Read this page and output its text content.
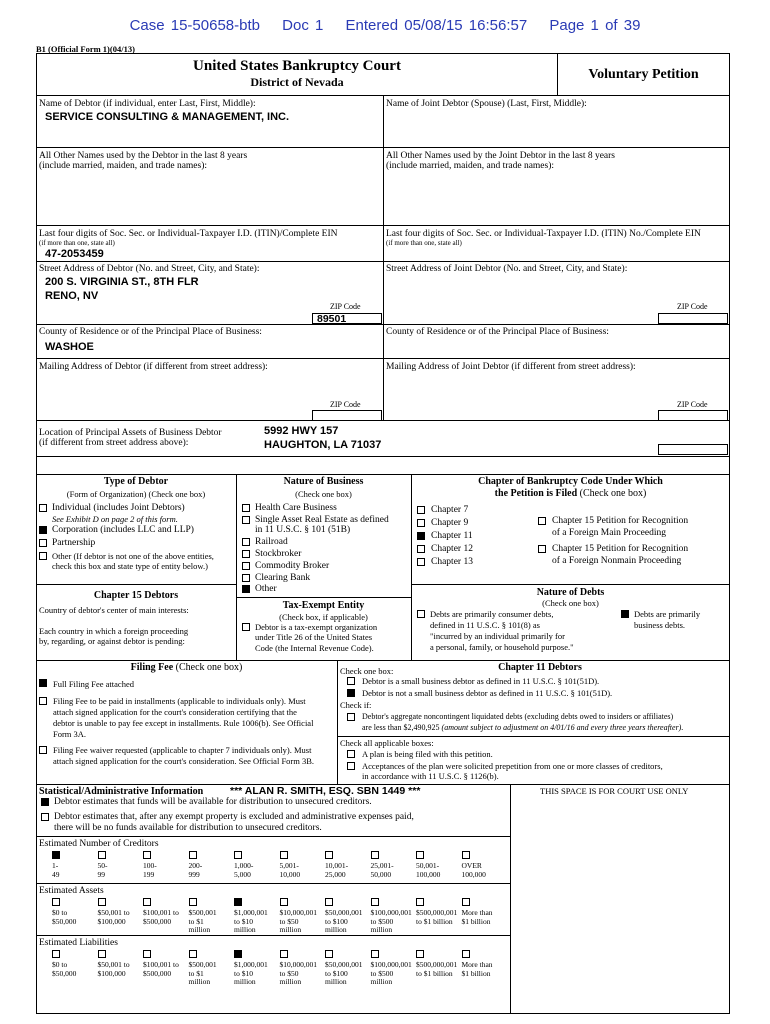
Case 15-50658-btb Doc 1 Entered 05/08/15 16:56:57 Page 1 of 39
B1 (Official Form 1)(04/13)
United States Bankruptcy Court
District of Nevada	Voluntary Petition
Name of Debtor (if individual, enter Last, First, Middle):
SERVICE CONSULTING & MANAGEMENT, INC.
Name of Joint Debtor (Spouse) (Last, First, Middle):
All Other Names used by the Debtor in the last 8 years
(include married, maiden, and trade names):
All Other Names used by the Joint Debtor in the last 8 years
(include married, maiden, and trade names):
Last four digits of Soc. Sec. or Individual-Taxpayer I.D. (ITIN)/Complete EIN
(if more than one, state all)
47-2053459
Last four digits of Soc. Sec. or Individual-Taxpayer I.D. (ITIN) No./Complete EIN
(if more than one, state all)
Street Address of Debtor (No. and Street, City, and State):
200 S. VIRGINIA ST., 8TH FLR
RENO, NV
Street Address of Joint Debtor (No. and Street, City, and State):
ZIP Code
89501
ZIP Code
County of Residence or of the Principal Place of Business:
WASHOE
County of Residence or of the Principal Place of Business:
Mailing Address of Debtor (if different from street address):	Mailing Address of Joint Debtor (if different from street address):
ZIP Code	ZIP Code
Location of Principal Assets of Business Debtor
(if different from street address above):
5992 HWY 157
HAUGHTON, LA 71037
Type of Debtor
(Form of Organization) (Check one box)
Individual (includes Joint Debtors)
See Exhibit D on page 2 of this form.
Corporation (includes LLC and LLP)
Partnership
Other (If debtor is not one of the above entities,
check this box and state type of entity below.)
Chapter 15 Debtors
Country of debtor's center of main interests:
Each country in which a foreign proceeding
by, regarding, or against debtor is pending:
Nature of Business
(Check one box)
Health Care Business
Single Asset Real Estate as defined
in 11 U.S.C. § 101 (51B)
Railroad
Stockbroker
Commodity Broker
Clearing Bank
Other
Tax-Exempt Entity
(Check box, if applicable)
Debtor is a tax-exempt organization
under Title 26 of the United States
Code (the Internal Revenue Code).
Chapter of Bankruptcy Code Under Which
the Petition is Filed (Check one box)
Chapter 7
Chapter 9
Chapter 11
Chapter 12
Chapter 13
Chapter 15 Petition for Recognition
of a Foreign Main Proceeding
Chapter 15 Petition for Recognition
of a Foreign Nonmain Proceeding
Nature of Debts
(Check one box)
Debts are primarily consumer debts,
defined in 11 U.S.C. § 101(8) as
"incurred by an individual primarily for
a personal, family, or household purpose."
Debts are primarily
business debts.
Filing Fee (Check one box)
Full Filing Fee attached
Filing Fee to be paid in installments (applicable to individuals only). Must
attach signed application for the court's consideration certifying that the
debtor is unable to pay fee except in installments. Rule 1006(b). See Official
Form 3A.
Filing Fee waiver requested (applicable to chapter 7 individuals only). Must
attach signed application for the court's consideration. See Official Form 3B.
Chapter 11 Debtors
Check one box:
Debtor is a small business debtor as defined in 11 U.S.C. § 101(51D).
Debtor is not a small business debtor as defined in 11 U.S.C. § 101(51D).
Check if:
Debtor's aggregate noncontingent liquidated debts (excluding debts owed to insiders or affiliates)
are less than $2,490,925 (amount subject to adjustment on 4/01/16 and every three years thereafter).
Check all applicable boxes:
A plan is being filed with this petition.
Acceptances of the plan were solicited prepetition from one or more classes of creditors,
in accordance with 11 U.S.C. § 1126(b).
Statistical/Administrative Information	*** ALAN R. SMITH, ESQ. SBN 1449 ***	THIS SPACE IS FOR COURT USE ONLY
Debtor estimates that funds will be available for distribution to unsecured creditors.
Debtor estimates that, after any exempt property is excluded and administrative expenses paid,
there will be no funds available for distribution to unsecured creditors.
Estimated Number of Creditors
1-
49
50-
99
100-
199
200-
999
1,000-
5,000
5,001-
10,000
10,001-
25,000
25,001-
50,000
50,001-
100,000
OVER
100,000
Estimated Assets
$0 to
$50,000
$50,001 to
$100,000
$100,001 to
$500,000
$500,001
to $1
million
$1,000,001
to $10
million
$10,000,001
to $50
million
$50,000,001
to $100
million
$100,000,001
to $500
million
$500,000,001
to $1 billion
More than
$1 billion
Estimated Liabilities
$0 to
$50,000
$50,001 to
$100,000
$100,001 to
$500,000
$500,001
to $1
million
$1,000,001
to $10
million
$10,000,001
to $50
million
$50,000,001
to $100
million
$100,000,001
to $500
million
$500,000,001
to $1 billion
More than
$1 billion
